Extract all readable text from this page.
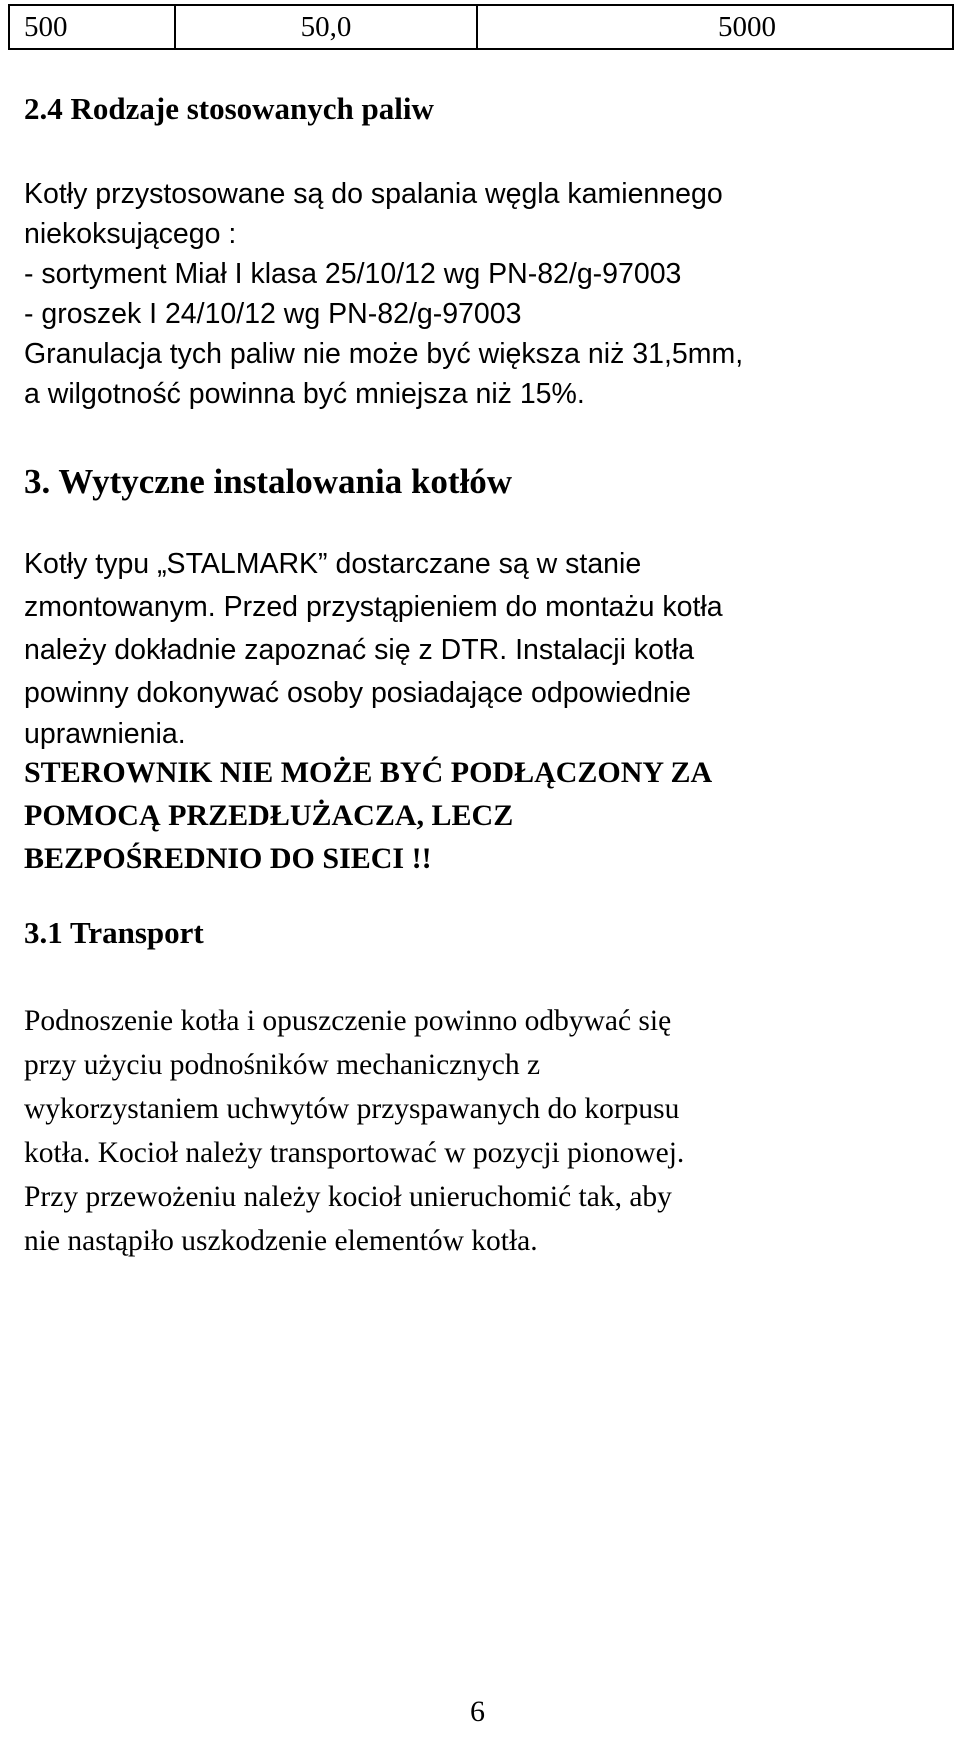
500	50,0	5000
2.4 Rodzaje stosowanych paliw

Kotły przystosowane są do spalania węgla kamiennego
niekoksującego :
- sortyment Miał I klasa 25/10/12 wg PN-82/g-97003
- groszek I 24/10/12 wg PN-82/g-97003
Granulacja tych paliw nie może być większa niż 31,5mm,
a wilgotność powinna być mniejsza niż 15%.

3. Wytyczne instalowania kotłów

Kotły typu „STALMARK” dostarczane są w stanie
zmontowanym. Przed przystąpieniem do montażu kotła
należy dokładnie zapoznać się z DTR. Instalacji kotła
powinny dokonywać osoby posiadające odpowiednie
uprawnienia.

STEROWNIK NIE MOŻE BYĆ PODŁĄCZONY ZA
POMOCĄ PRZEDŁUŻACZA, LECZ
BEZPOŚREDNIO DO SIECI !!

3.1 Transport

Podnoszenie kotła i opuszczenie powinno odbywać się
przy użyciu podnośników mechanicznych z
wykorzystaniem uchwytów przyspawanych do korpusu
kotła. Kocioł należy transportować w pozycji pionowej.
Przy przewożeniu należy kocioł unieruchomić tak, aby
nie nastąpiło uszkodzenie elementów kotła.

6
